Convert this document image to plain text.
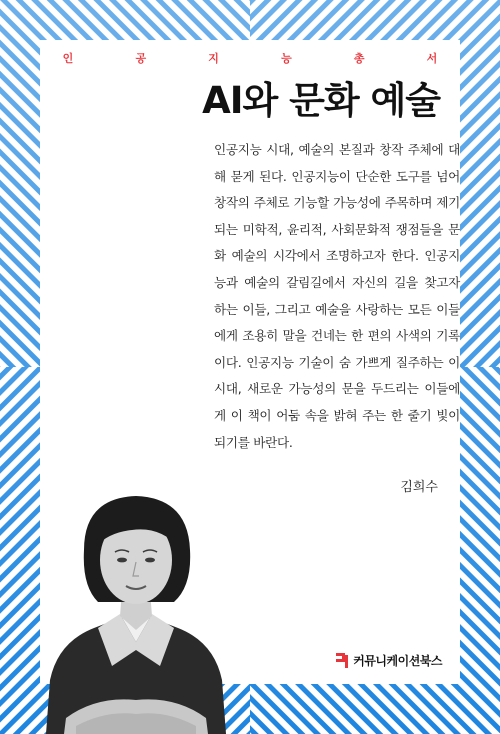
인	공	지	능	총	서
AI와 문화 예술
인공지능 시대, 예술의 본질과 창작 주체에 대해 묻게 된다. 인공지능이 단순한 도구를 넘어 창작의 주체로 기능할 가능성에 주목하며 제기되는 미학적, 윤리적, 사회문화적 쟁점들을 문화 예술의 시각에서 조명하고자 한다. 인공지능과 예술의 갈림길에서 자신의 길을 찾고자 하는 이들, 그리고 예술을 사랑하는 모든 이들에게 조용히 말을 건네는 한 편의 사색의 기록이다. 인공지능 기술이 숨 가쁘게 질주하는 이 시대, 새로운 가능성의 문을 두드리는 이들에게 이 책이 어둠 속을 밝혀 주는 한 줄기 빛이 되기를 바란다.
김희수
커뮤니케이션북스
